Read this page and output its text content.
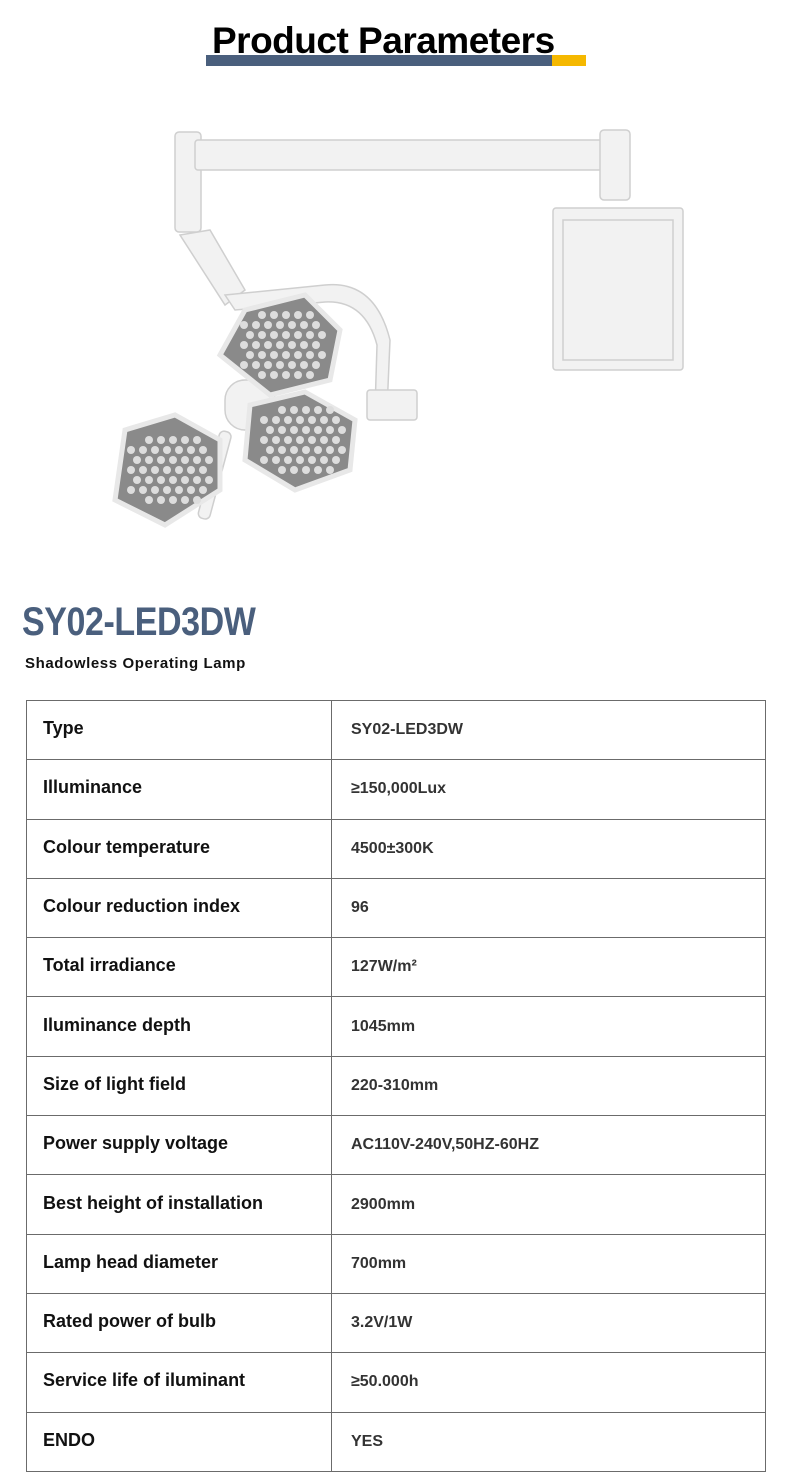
Product Parameters
SY02-LED3DW
Shadowless Operating Lamp
Type	SY02-LED3DW
Illuminance	≥150,000Lux
Colour temperature	4500±300K
Colour reduction index	96
Total irradiance	127W/m²
Iluminance depth	1045mm
Size of light field	220-310mm
Power supply voltage	AC110V-240V,50HZ-60HZ
Best height of installation	2900mm
Lamp head diameter	700mm
Rated power of bulb	3.2V/1W
Service life of iluminant	≥50.000h
ENDO	YES
